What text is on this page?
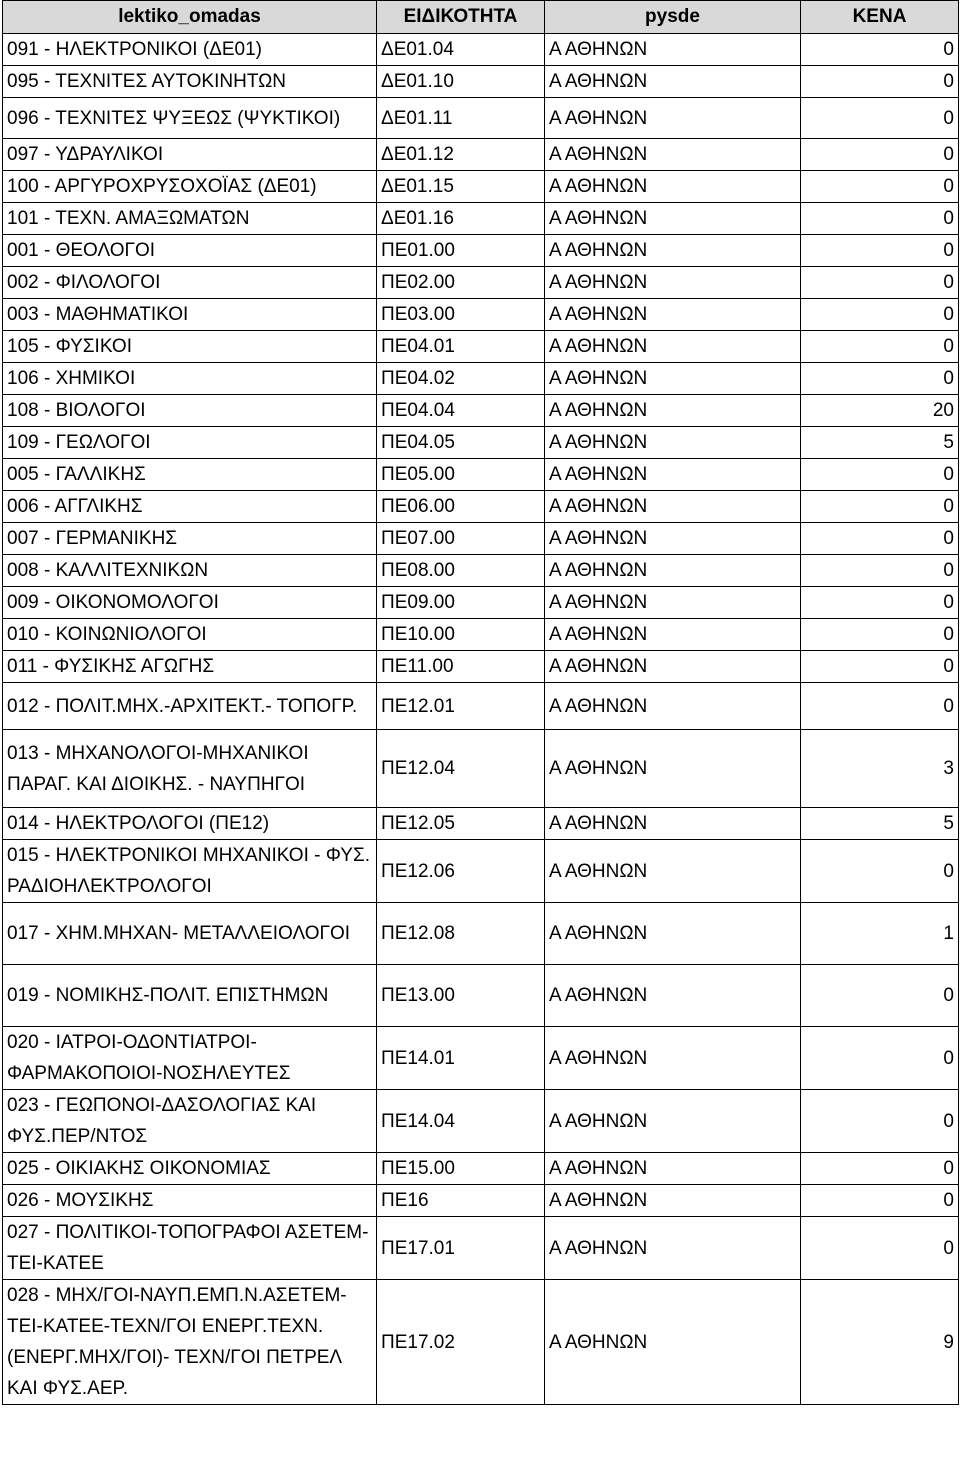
lektiko_omadas	ΕΙΔΙΚΟΤΗΤΑ	pysde	ΚΕΝΑ
091 - ΗΛΕΚΤΡΟΝΙΚΟΙ (ΔΕ01)	ΔΕ01.04	Α ΑΘΗΝΩΝ	0
095 - ΤΕΧΝΙΤΕΣ ΑΥΤΟΚΙΝΗΤΩΝ	ΔΕ01.10	Α ΑΘΗΝΩΝ	0
096 - ΤΕΧΝΙΤΕΣ ΨΥΞΕΩΣ (ΨΥΚΤΙΚΟΙ)	ΔΕ01.11	Α ΑΘΗΝΩΝ	0
097 - ΥΔΡΑΥΛΙΚΟΙ	ΔΕ01.12	Α ΑΘΗΝΩΝ	0
100 - ΑΡΓΥΡΟΧΡΥΣΟΧΟΪΑΣ (ΔΕ01)	ΔΕ01.15	Α ΑΘΗΝΩΝ	0
101 - ΤΕΧΝ. ΑΜΑΞΩΜΑΤΩΝ	ΔΕ01.16	Α ΑΘΗΝΩΝ	0
001 - ΘΕΟΛΟΓΟΙ	ΠΕ01.00	Α ΑΘΗΝΩΝ	0
002 - ΦΙΛΟΛΟΓΟΙ	ΠΕ02.00	Α ΑΘΗΝΩΝ	0
003 - ΜΑΘΗΜΑΤΙΚΟΙ	ΠΕ03.00	Α ΑΘΗΝΩΝ	0
105 - ΦΥΣΙΚΟΙ	ΠΕ04.01	Α ΑΘΗΝΩΝ	0
106 - ΧΗΜΙΚΟΙ	ΠΕ04.02	Α ΑΘΗΝΩΝ	0
108 - ΒΙΟΛΟΓΟΙ	ΠΕ04.04	Α ΑΘΗΝΩΝ	20
109 - ΓΕΩΛΟΓΟΙ	ΠΕ04.05	Α ΑΘΗΝΩΝ	5
005 - ΓΑΛΛΙΚΗΣ	ΠΕ05.00	Α ΑΘΗΝΩΝ	0
006 - ΑΓΓΛΙΚΗΣ	ΠΕ06.00	Α ΑΘΗΝΩΝ	0
007 - ΓΕΡΜΑΝΙΚΗΣ	ΠΕ07.00	Α ΑΘΗΝΩΝ	0
008 - ΚΑΛΛΙΤΕΧΝΙΚΩΝ	ΠΕ08.00	Α ΑΘΗΝΩΝ	0
009 - ΟΙΚΟΝΟΜΟΛΟΓΟΙ	ΠΕ09.00	Α ΑΘΗΝΩΝ	0
010 - ΚΟΙΝΩΝΙΟΛΟΓΟΙ	ΠΕ10.00	Α ΑΘΗΝΩΝ	0
011 - ΦΥΣΙΚΗΣ ΑΓΩΓΗΣ	ΠΕ11.00	Α ΑΘΗΝΩΝ	0
012 - ΠΟΛΙΤ.ΜΗΧ.-ΑΡΧΙΤΕΚΤ.- ΤΟΠΟΓΡ.	ΠΕ12.01	Α ΑΘΗΝΩΝ	0
013 - ΜΗΧΑΝΟΛΟΓΟΙ-ΜΗΧΑΝΙΚΟΙ ΠΑΡΑΓ. ΚΑΙ ΔΙΟΙΚΗΣ. - ΝΑΥΠΗΓΟΙ	ΠΕ12.04	Α ΑΘΗΝΩΝ	3
014 - ΗΛΕΚΤΡΟΛΟΓΟΙ (ΠΕ12)	ΠΕ12.05	Α ΑΘΗΝΩΝ	5
015 - ΗΛΕΚΤΡΟΝΙΚΟΙ ΜΗΧΑΝΙΚΟΙ - ΦΥΣ. ΡΑΔΙΟΗΛΕΚΤΡΟΛΟΓΟΙ	ΠΕ12.06	Α ΑΘΗΝΩΝ	0
017 - ΧΗΜ.ΜΗΧΑΝ- ΜΕΤΑΛΛΕΙΟΛΟΓΟΙ	ΠΕ12.08	Α ΑΘΗΝΩΝ	1
019 - ΝΟΜΙΚΗΣ-ΠΟΛΙΤ. ΕΠΙΣΤΗΜΩΝ	ΠΕ13.00	Α ΑΘΗΝΩΝ	0
020 - ΙΑΤΡΟΙ-ΟΔΟΝΤΙΑΤΡΟΙ- ΦΑΡΜΑΚΟΠΟΙΟΙ-ΝΟΣΗΛΕΥΤΕΣ	ΠΕ14.01	Α ΑΘΗΝΩΝ	0
023 - ΓΕΩΠΟΝΟΙ-ΔΑΣΟΛΟΓΙΑΣ ΚΑΙ ΦΥΣ.ΠΕΡ/ΝΤΟΣ	ΠΕ14.04	Α ΑΘΗΝΩΝ	0
025 - ΟΙΚΙΑΚΗΣ ΟΙΚΟΝΟΜΙΑΣ	ΠΕ15.00	Α ΑΘΗΝΩΝ	0
026 - ΜΟΥΣΙΚΗΣ	ΠΕ16	Α ΑΘΗΝΩΝ	0
027 - ΠΟΛΙΤΙΚΟΙ-ΤΟΠΟΓΡΑΦΟΙ ΑΣΕΤΕΜ-ΤΕΙ-ΚΑΤΕΕ	ΠΕ17.01	Α ΑΘΗΝΩΝ	0
028 - ΜΗΧ/ΓΟΙ-ΝΑΥΠ.ΕΜΠ.Ν.ΑΣΕΤΕΜ- ΤΕΙ-ΚΑΤΕΕ-ΤΕΧΝ/ΓΟΙ ΕΝΕΡΓ.ΤΕΧΝ.(ΕΝΕΡΓ.ΜΗΧ/ΓΟΙ)- ΤΕΧΝ/ΓΟΙ ΠΕΤΡΕΛ ΚΑΙ ΦΥΣ.ΑΕΡ.	ΠΕ17.02	Α ΑΘΗΝΩΝ	9
